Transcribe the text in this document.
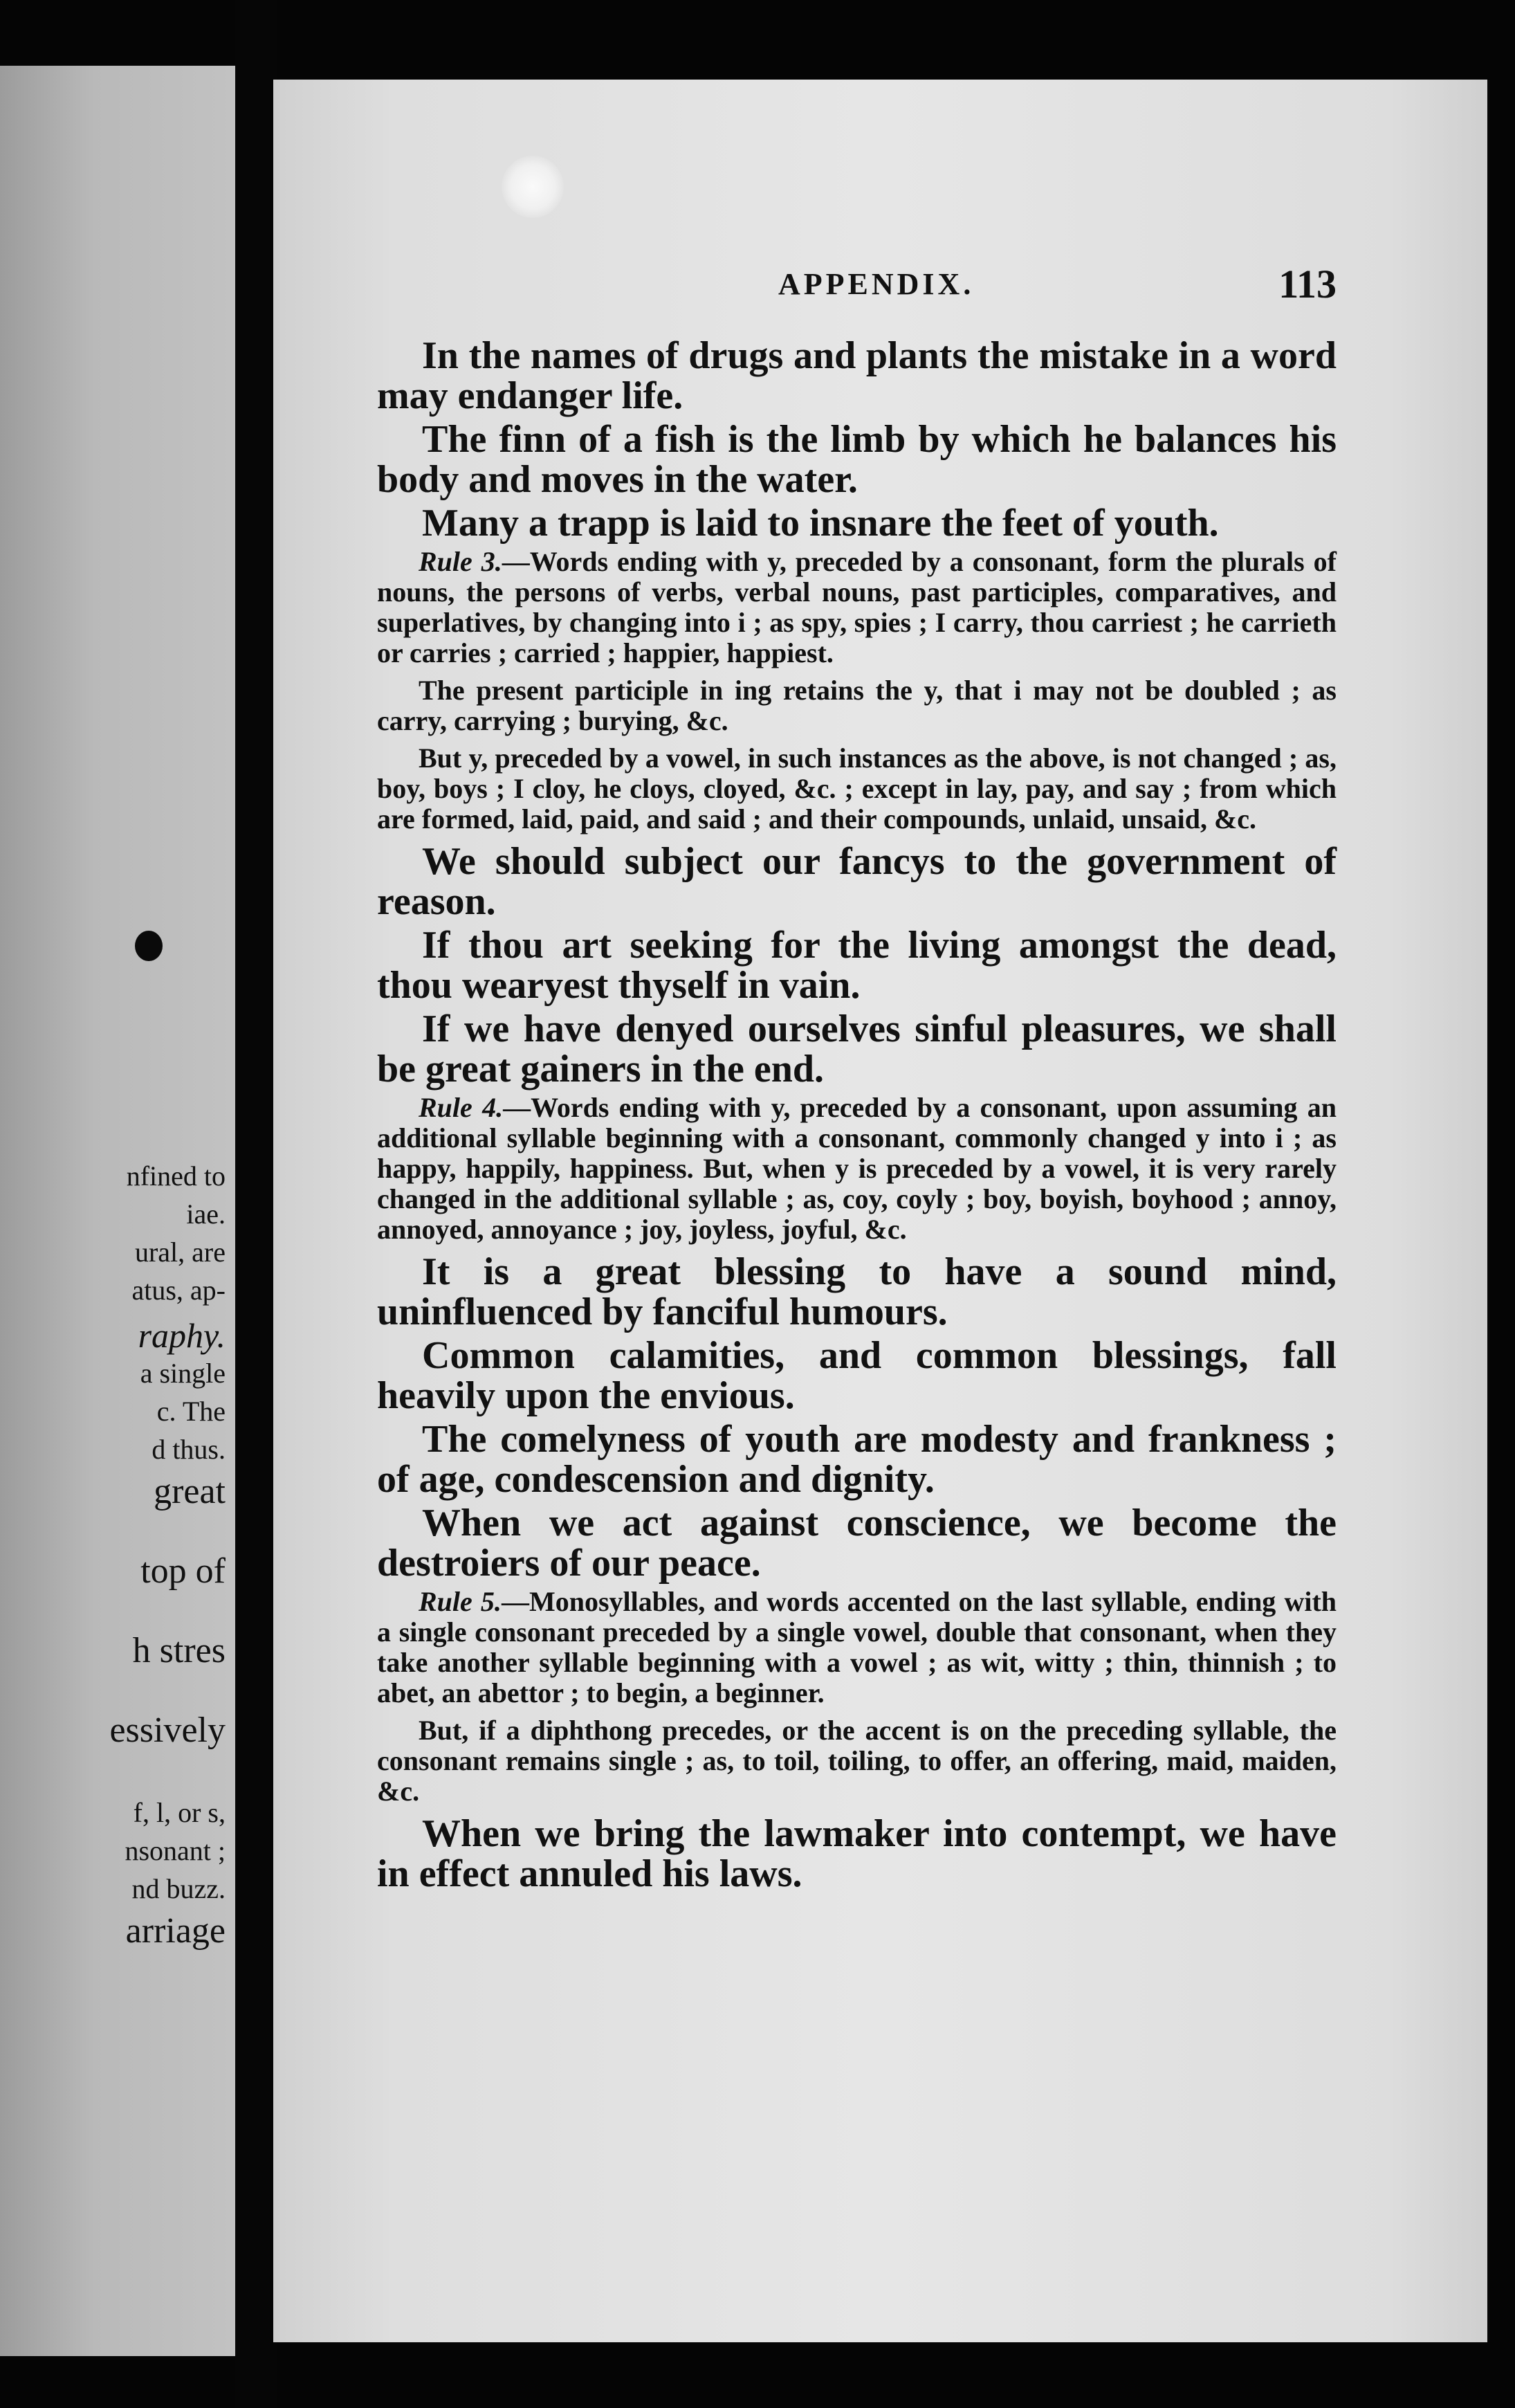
nfined to
iae.
ural, are
atus, ap-
raphy.
a single
c. The
d thus.
great
top of
h stres
essively
f, l, or s,
nsonant ;
nd buzz.
arriage
APPENDIX.	113

In the names of drugs and plants the mistake in a word may endanger life.

The finn of a fish is the limb by which he balances his body and moves in the water.

Many a trapp is laid to insnare the feet of youth.

Rule 3.—Words ending with y, preceded by a consonant, form the plurals of nouns, the persons of verbs, verbal nouns, past participles, comparatives, and superlatives, by changing into i ; as spy, spies ; I carry, thou carriest ; he carrieth or carries ; carried ; happier, happiest.

The present participle in ing retains the y, that i may not be doubled ; as carry, carrying ; burying, &c.

But y, preceded by a vowel, in such instances as the above, is not changed ; as, boy, boys ; I cloy, he cloys, cloyed, &c. ; except in lay, pay, and say ; from which are formed, laid, paid, and said ; and their compounds, unlaid, unsaid, &c.

We should subject our fancys to the government of reason.

If thou art seeking for the living amongst the dead, thou wearyest thyself in vain.

If we have denyed ourselves sinful pleasures, we shall be great gainers in the end.

Rule 4.—Words ending with y, preceded by a consonant, upon assuming an additional syllable beginning with a consonant, commonly changed y into i ; as happy, happily, happiness. But, when y is preceded by a vowel, it is very rarely changed in the additional syllable ; as, coy, coyly ; boy, boyish, boyhood ; annoy, annoyed, annoyance ; joy, joyless, joyful, &c.

It is a great blessing to have a sound mind, uninfluenced by fanciful humours.

Common calamities, and common blessings, fall heavily upon the envious.

The comelyness of youth are modesty and frankness ; of age, condescension and dignity.

When we act against conscience, we become the destroiers of our peace.

Rule 5.—Monosyllables, and words accented on the last syllable, ending with a single consonant preceded by a single vowel, double that consonant, when they take another syllable beginning with a vowel ; as wit, witty ; thin, thinnish ; to abet, an abettor ; to begin, a beginner.

But, if a diphthong precedes, or the accent is on the preceding syllable, the consonant remains single ; as, to toil, toiling, to offer, an offering, maid, maiden, &c.

When we bring the lawmaker into contempt, we have in effect annuled his laws.
